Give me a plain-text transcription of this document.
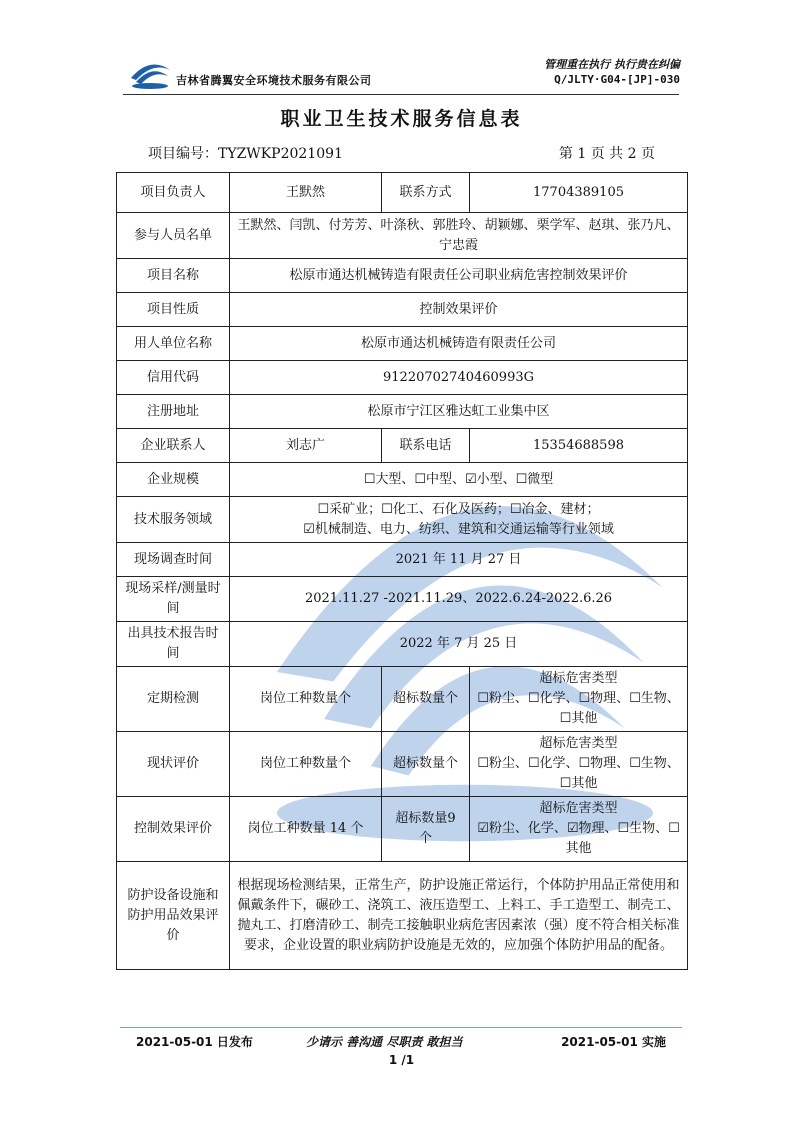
吉林省腾翼安全环境技术服务有限公司
管理重在执行 执行贵在纠偏
Q/JLTY·G04-[JP]-030
职业卫生技术服务信息表
项目编号：TYZWKP2021091	第 1 页 共 2 页
项目负责人	王默然	联系方式	17704389105
参与人员名单	王默然、闫凯、付芳芳、叶涤秋、郭胜玲、胡颖娜、栗学军、赵琪、张乃凡、宁忠霞		
项目名称	松原市通达机械铸造有限责任公司职业病危害控制效果评价		
项目性质	控制效果评价		
用人单位名称	松原市通达机械铸造有限责任公司		
信用代码	91220702740460993G		
注册地址	松原市宁江区雅达虹工业集中区		
企业联系人	刘志广	联系电话	15354688598
企业规模	☐大型、☐中型、☑小型、☐微型		
技术服务领域	☐采矿业；☐化工、石化及医药；☐冶金、建材；
☑机械制造、电力、纺织、建筑和交通运输等行业领域		

现场调查时间	2021 年 11 月 27 日		
现场采样/测量时间	2021.11.27 -2021.11.29、2022.6.24-2022.6.26		
出具技术报告时间	2022 年 7 月 25 日		
定期检测	岗位工种数量个	超标数量个	超标危害类型
☐粉尘、☐化学、☐物理、☐生物、☐其他

现状评价	岗位工种数量个	超标数量个	超标危害类型
☐粉尘、☐化学、☐物理、☐生物、☐其他

控制效果评价	岗位工种数量 14 个	超标数量9 个	超标危害类型
☑粉尘、化学、☑物理、☐生物、☐其他

防护设备设施和防护用品效果评价	根据现场检测结果，正常生产，防护设施正常运行，个体防护用品正常使用和佩戴条件下，碾砂工、浇筑工、液压造型工、上料工、手工造型工、制壳工、抛丸工、打磨清砂工、制壳工接触职业病危害因素浓（强）度不符合相关标准要求，企业设置的职业病防护设施是无效的，应加强个体防护用品的配备。		
2021-05-01 日发布	少请示 善沟通 尽职责 敢担当	2021-05-01 实施
1 /1
